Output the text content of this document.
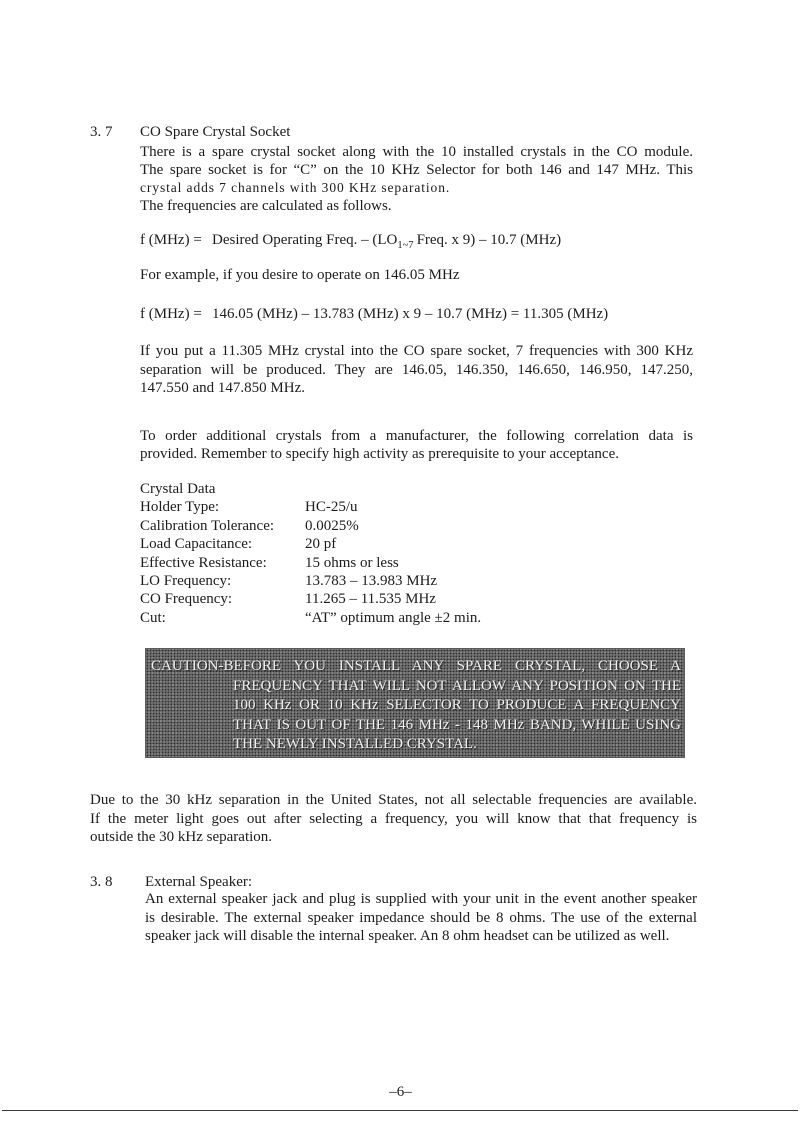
3. 7 CO Spare Crystal Socket
There is a spare crystal socket along with the 10 installed crystals in the CO module.
The spare socket is for “C” on the 10 KHz Selector for both 146 and 147 MHz. This
crystal adds 7 channels with 300 KHz separation.
The frequencies are calculated as follows.
f (MHz) = Desired Operating Freq. – ($LO_{1\sim 7}$ Freq. x 9) – 10.7 (MHz)
For example, if you desire to operate on 146.05 MHz
f (MHz) = 146.05 (MHz) – 13.783 (MHz) x 9 – 10.7 (MHz) = 11.305 (MHz)
If you put a 11.305 MHz crystal into the CO spare socket, 7 frequencies with 300 KHz
separation will be produced. They are 146.05, 146.350, 146.650, 146.950, 147.250,
147.550 and 147.850 MHz.
To order additional crystals from a manufacturer, the following correlation data is
provided. Remember to specify high activity as prerequisite to your acceptance.
Crystal Data
Holder Type:	HC-25/u
Calibration Tolerance: 0.0025%
Load Capacitance:	20 pf
Effective Resistance:	15 ohms or less
LO Frequency:	13.783 – 13.983 MHz
CO Frequency:	11.265 – 11.535 MHz
Cut:	“AT” optimum angle ±2 min.
CAUTION-BEFORE YOU INSTALL ANY SPARE CRYSTAL, CHOOSE A
FREQUENCY THAT WILL NOT ALLOW ANY POSITION ON THE
100 KHz OR 10 KHz SELECTOR TO PRODUCE A FREQUENCY
THAT IS OUT OF THE 146 MHz - 148 MHz BAND, WHILE USING
THE NEWLY INSTALLED CRYSTAL.
Due to the 30 kHz separation in the United States, not all selectable frequencies are available.
If the meter light goes out after selecting a frequency, you will know that that frequency is
outside the 30 kHz separation.
3. 8 External Speaker:
An external speaker jack and plug is supplied with your unit in the event another speaker
is desirable. The external speaker impedance should be 8 ohms. The use of the external
speaker jack will disable the internal speaker. An 8 ohm headset can be utilized as well.
–6–
